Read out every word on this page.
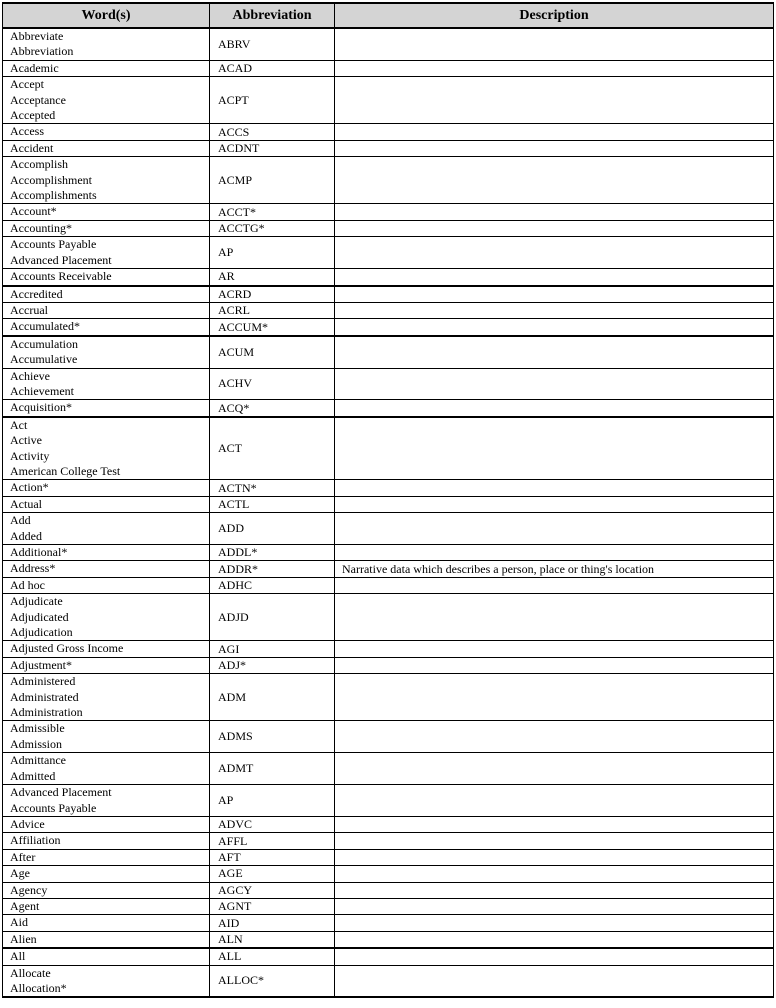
Word(s)	Abbreviation	Description

Abbreviate
Abbreviation	ABRV	

Academic	ACAD	

Accept
Acceptance
Accepted	ACPT	

Access	ACCS	

Accident	ACDNT	

Accomplish
Accomplishment
Accomplishments	ACMP	

Account*	ACCT*	

Accounting*	ACCTG*	

Accounts Payable
Advanced Placement	AP	

Accounts Receivable	AR	

Accredited	ACRD	

Accrual	ACRL	

Accumulated*	ACCUM*	

Accumulation
Accumulative	ACUM	

Achieve
Achievement	ACHV	

Acquisition*	ACQ*	

Act
Active
Activity
American College Test	ACT	

Action*	ACTN*	

Actual	ACTL	

Add
Added	ADD	

Additional*	ADDL*	

Address*	ADDR*	Narrative data which describes a person, place or thing's location

Ad hoc	ADHC	

Adjudicate
Adjudicated
Adjudication	ADJD	

Adjusted Gross Income	AGI	

Adjustment*	ADJ*	

Administered
Administrated
Administration	ADM	

Admissible
Admission	ADMS	

Admittance
Admitted	ADMT	

Advanced Placement
Accounts Payable	AP	

Advice	ADVC	

Affiliation	AFFL	

After	AFT	

Age	AGE	

Agency	AGCY	

Agent	AGNT	

Aid	AID	

Alien	ALN	

All	ALL	

Allocate
Allocation*	ALLOC*	
